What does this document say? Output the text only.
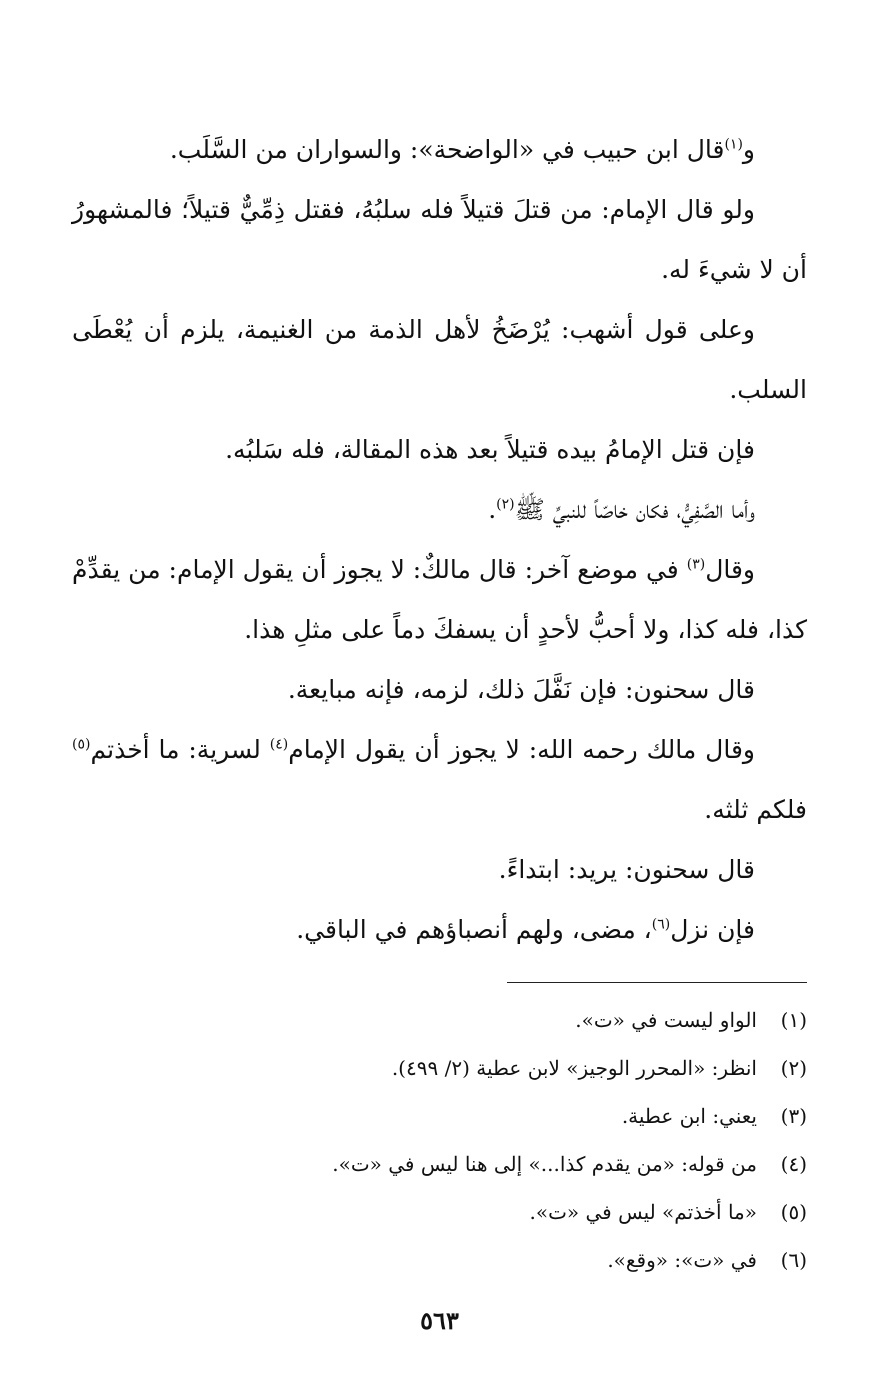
و$^{(١)}$قال ابن حبيب في «الواضحة»: والسواران من السَّلَب.

ولو قال الإمام: من قتلَ قتيلاً فله سلبُهُ، فقتل ذِمِّيٌّ قتيلاً؛ فالمشهورُ أن لا شيءَ له.

وعلى قول أشهب: يُرْضَخُ لأهل الذمة من الغنيمة، يلزم أن يُعْطَى السلب.

فإن قتل الإمامُ بيده قتيلاً بعد هذه المقالة، فله سَلبُه.

وأما الصَّفِيُّ، فكان خاصّاً للنبيِّ ﷺ$^{(٢)}$.

وقال$^{(٣)}$ في موضع آخر: قال مالكٌ: لا يجوز أن يقول الإمام: من يقدِّمْ كذا، فله كذا، ولا أحبُّ لأحدٍ أن يسفكَ دماً على مثلِ هذا.

قال سحنون: فإن نَفَّلَ ذلك، لزمه، فإنه مبايعة.

وقال مالك رحمه الله: لا يجوز أن يقول الإمام$^{(٤)}$ لسرية: ما أخذتم$^{(٥)}$ فلكم ثلثه.

قال سحنون: يريد: ابتداءً.

فإن نزل$^{(٦)}$، مضى، ولهم أنصباؤهم في الباقي.

(١)الواو ليست في «ت».

(٢)انظر: «المحرر الوجيز» لابن عطية (٢/ ٤٩٩).

(٣)يعني: ابن عطية.

(٤)من قوله: «من يقدم كذا...» إلى هنا ليس في «ت».

(٥)«ما أخذتم» ليس في «ت».

(٦)في «ت»: «وقع».

٥٦٣
